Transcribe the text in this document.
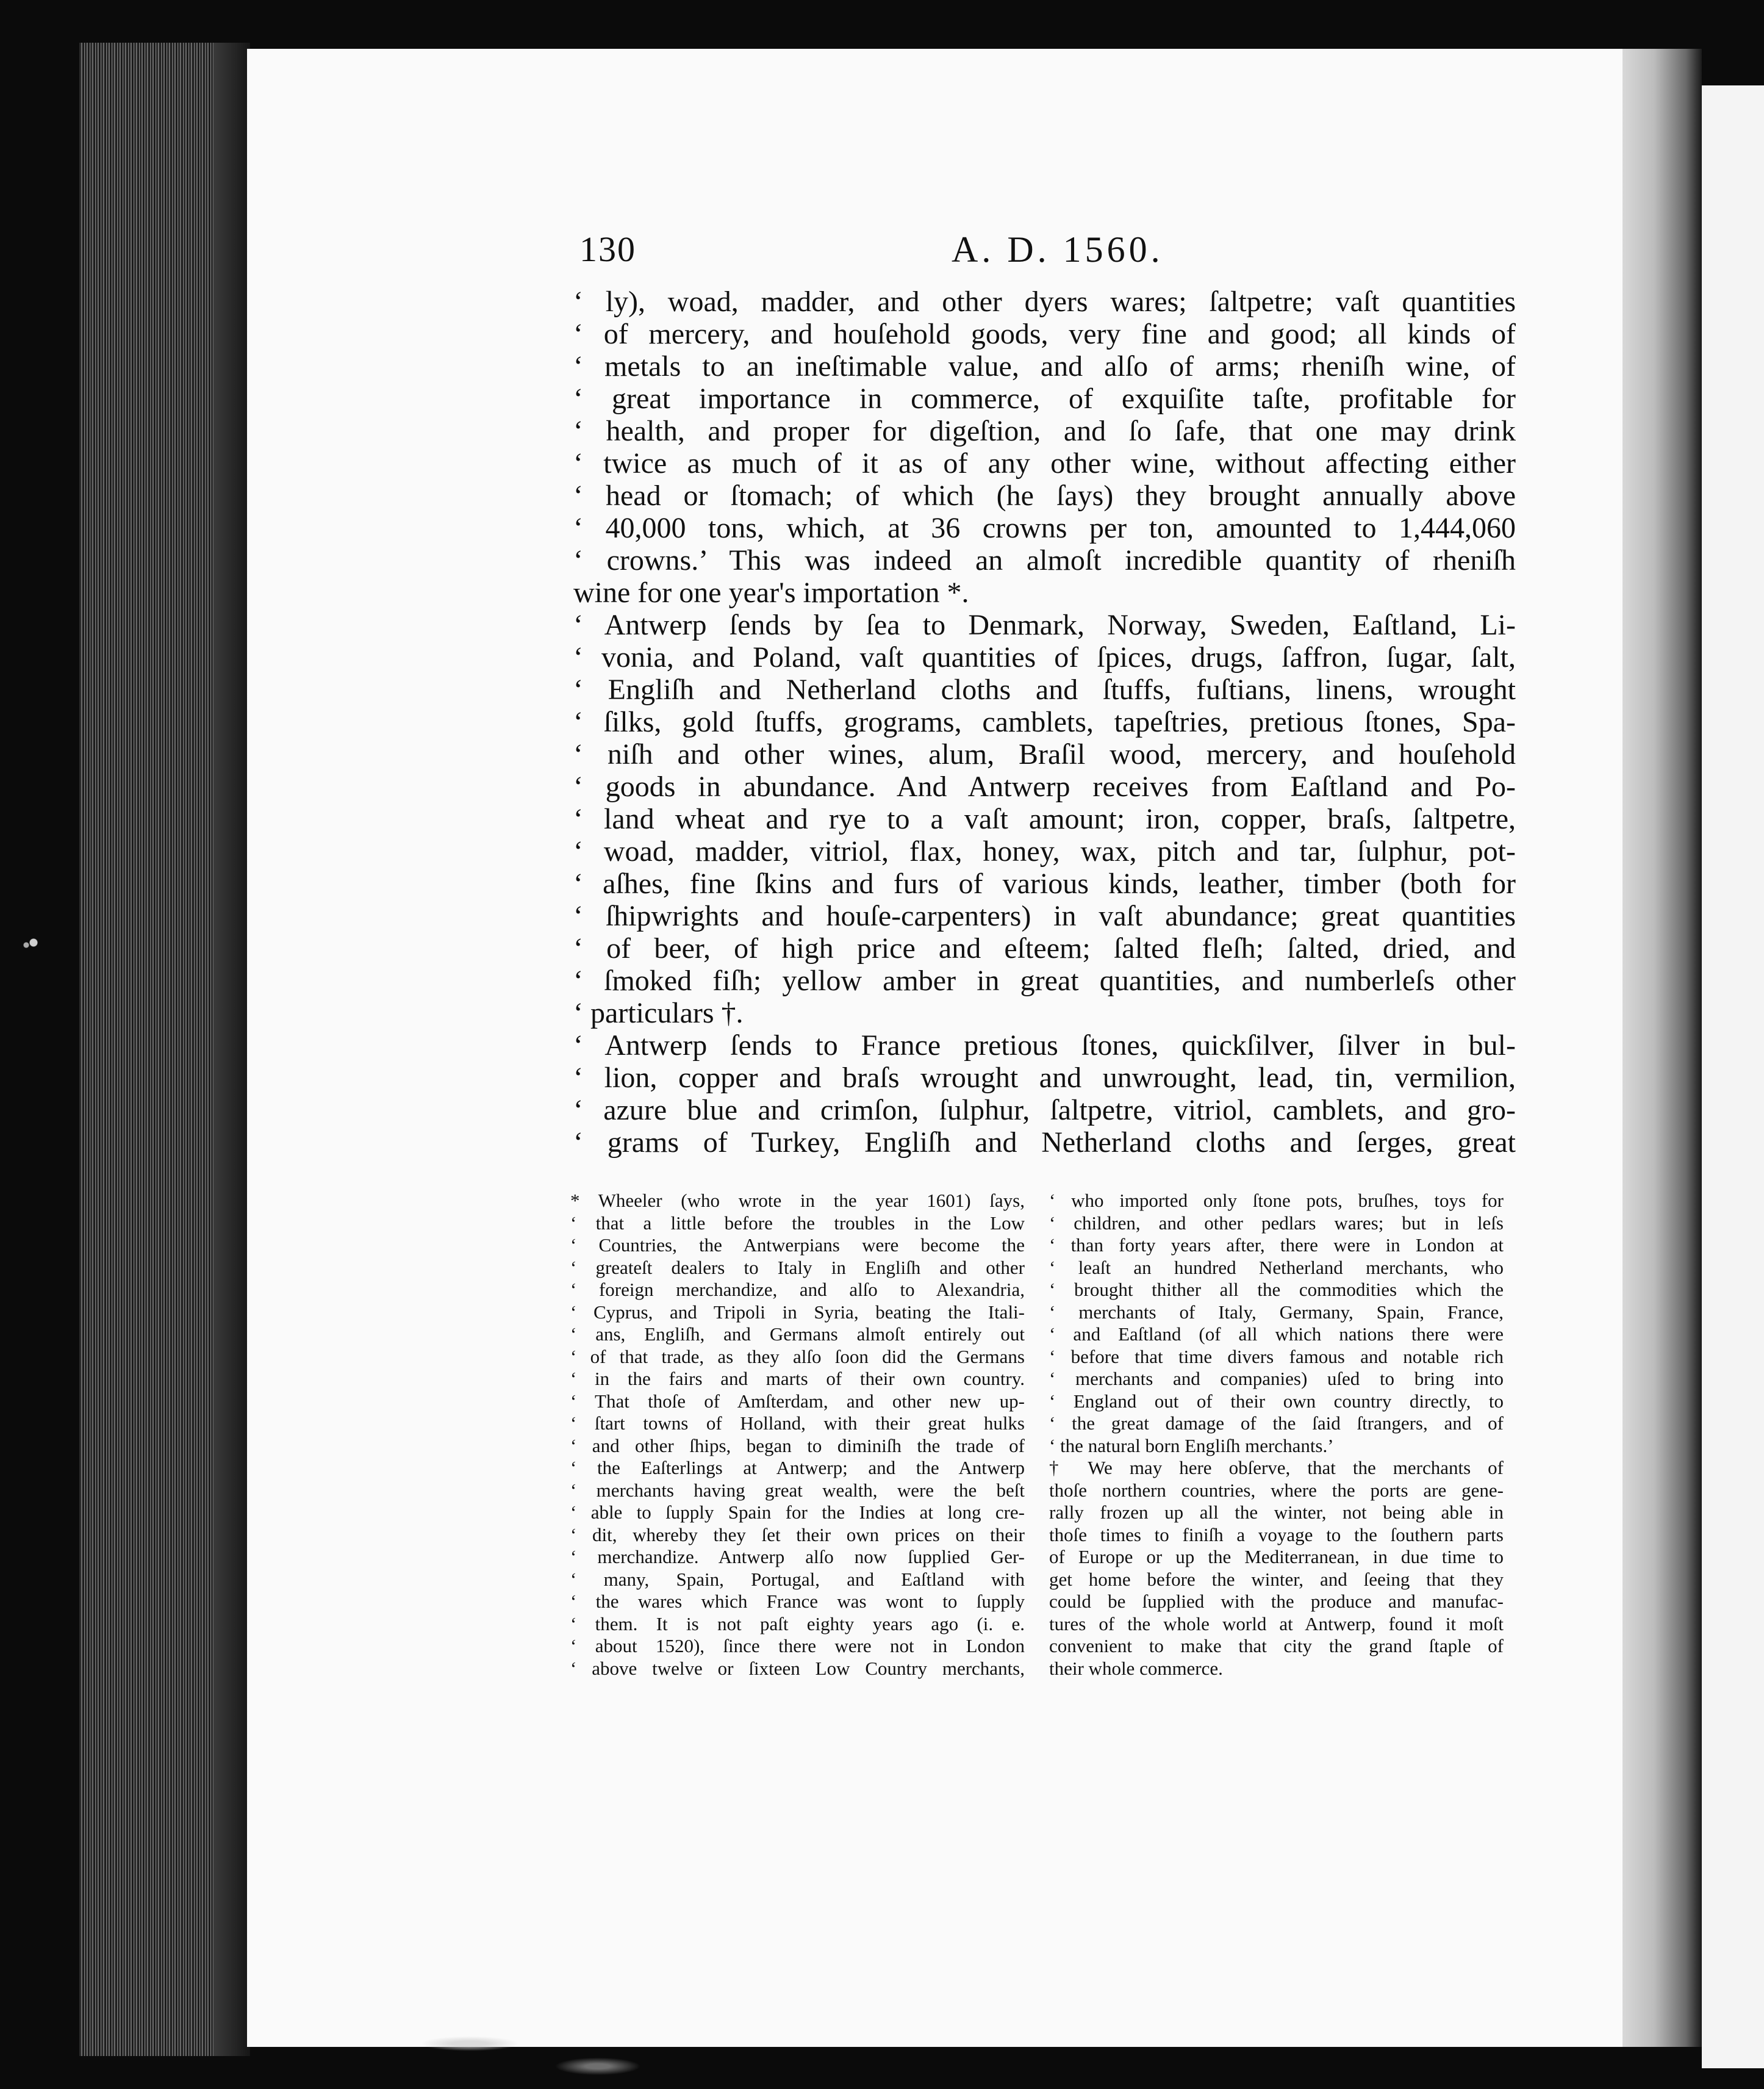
130	A. D. 1560.
‘ ly), woad, madder, and other dyers wares; ſaltpetre; vaſt quantities
‘ of mercery, and houſehold goods, very fine and good; all kinds of
‘ metals to an ineſtimable value, and alſo of arms; rheniſh wine, of
‘ great importance in commerce, of exquiſite taſte, profitable for
‘ health, and proper for digeſtion, and ſo ſafe, that one may drink
‘ twice as much of it as of any other wine, without affecting either
‘ head or ſtomach; of which (he ſays) they brought annually above
‘ 40,000 tons, which, at 36 crowns per ton, amounted to 1,444,060
‘ crowns.’ This was indeed an almoſt incredible quantity of rheniſh
wine for one year's importation *.
‘ Antwerp ſends by ſea to Denmark, Norway, Sweden, Eaſtland, Li-
‘ vonia, and Poland, vaſt quantities of ſpices, drugs, ſaffron, ſugar, ſalt,
‘ Engliſh and Netherland cloths and ſtuffs, fuſtians, linens, wrought
‘ ſilks, gold ſtuffs, grograms, camblets, tapeſtries, pretious ſtones, Spa-
‘ niſh and other wines, alum, Braſil wood, mercery, and houſehold
‘ goods in abundance. And Antwerp receives from Eaſtland and Po-
‘ land wheat and rye to a vaſt amount; iron, copper, braſs, ſaltpetre,
‘ woad, madder, vitriol, flax, honey, wax, pitch and tar, ſulphur, pot-
‘ aſhes, fine ſkins and furs of various kinds, leather, timber (both for
‘ ſhipwrights and houſe-carpenters) in vaſt abundance; great quantities
‘ of beer, of high price and eſteem; ſalted fleſh; ſalted, dried, and
‘ ſmoked fiſh; yellow amber in great quantities, and numberleſs other
‘ particulars †.
‘ Antwerp ſends to France pretious ſtones, quickſilver, ſilver in bul-
‘ lion, copper and braſs wrought and unwrought, lead, tin, vermilion,
‘ azure blue and crimſon, ſulphur, ſaltpetre, vitriol, camblets, and gro-
‘ grams of Turkey, Engliſh and Netherland cloths and ſerges, great
* Wheeler (who wrote in the year 1601) ſays,
‘ that a little before the troubles in the Low
‘ Countries, the Antwerpians were become the
‘ greateſt dealers to Italy in Engliſh and other
‘ foreign merchandize, and alſo to Alexandria,
‘ Cyprus, and Tripoli in Syria, beating the Itali-
‘ ans, Engliſh, and Germans almoſt entirely out
‘ of that trade, as they alſo ſoon did the Germans
‘ in the fairs and marts of their own country.
‘ That thoſe of Amſterdam, and other new up-
‘ ſtart towns of Holland, with their great hulks
‘ and other ſhips, began to diminiſh the trade of
‘ the Eaſterlings at Antwerp; and the Antwerp
‘ merchants having great wealth, were the beſt
‘ able to ſupply Spain for the Indies at long cre-
‘ dit, whereby they ſet their own prices on their
‘ merchandize. Antwerp alſo now ſupplied Ger-
‘ many, Spain, Portugal, and Eaſtland with
‘ the wares which France was wont to ſupply
‘ them. It is not paſt eighty years ago (i. e.
‘ about 1520), ſince there were not in London
‘ above twelve or ſixteen Low Country merchants,
‘ who imported only ſtone pots, bruſhes, toys for
‘ children, and other pedlars wares; but in leſs
‘ than forty years after, there were in London at
‘ leaſt an hundred Netherland merchants, who
‘ brought thither all the commodities which the
‘ merchants of Italy, Germany, Spain, France,
‘ and Eaſtland (of all which nations there were
‘ before that time divers famous and notable rich
‘ merchants and companies) uſed to bring into
‘ England out of their own country directly, to
‘ the great damage of the ſaid ſtrangers, and of
‘ the natural born Engliſh merchants.’
† We may here obſerve, that the merchants of
thoſe northern countries, where the ports are gene-
rally frozen up all the winter, not being able in
thoſe times to finiſh a voyage to the ſouthern parts
of Europe or up the Mediterranean, in due time to
get home before the winter, and ſeeing that they
could be ſupplied with the produce and manufac-
tures of the whole world at Antwerp, found it moſt
convenient to make that city the grand ſtaple of
their whole commerce.
